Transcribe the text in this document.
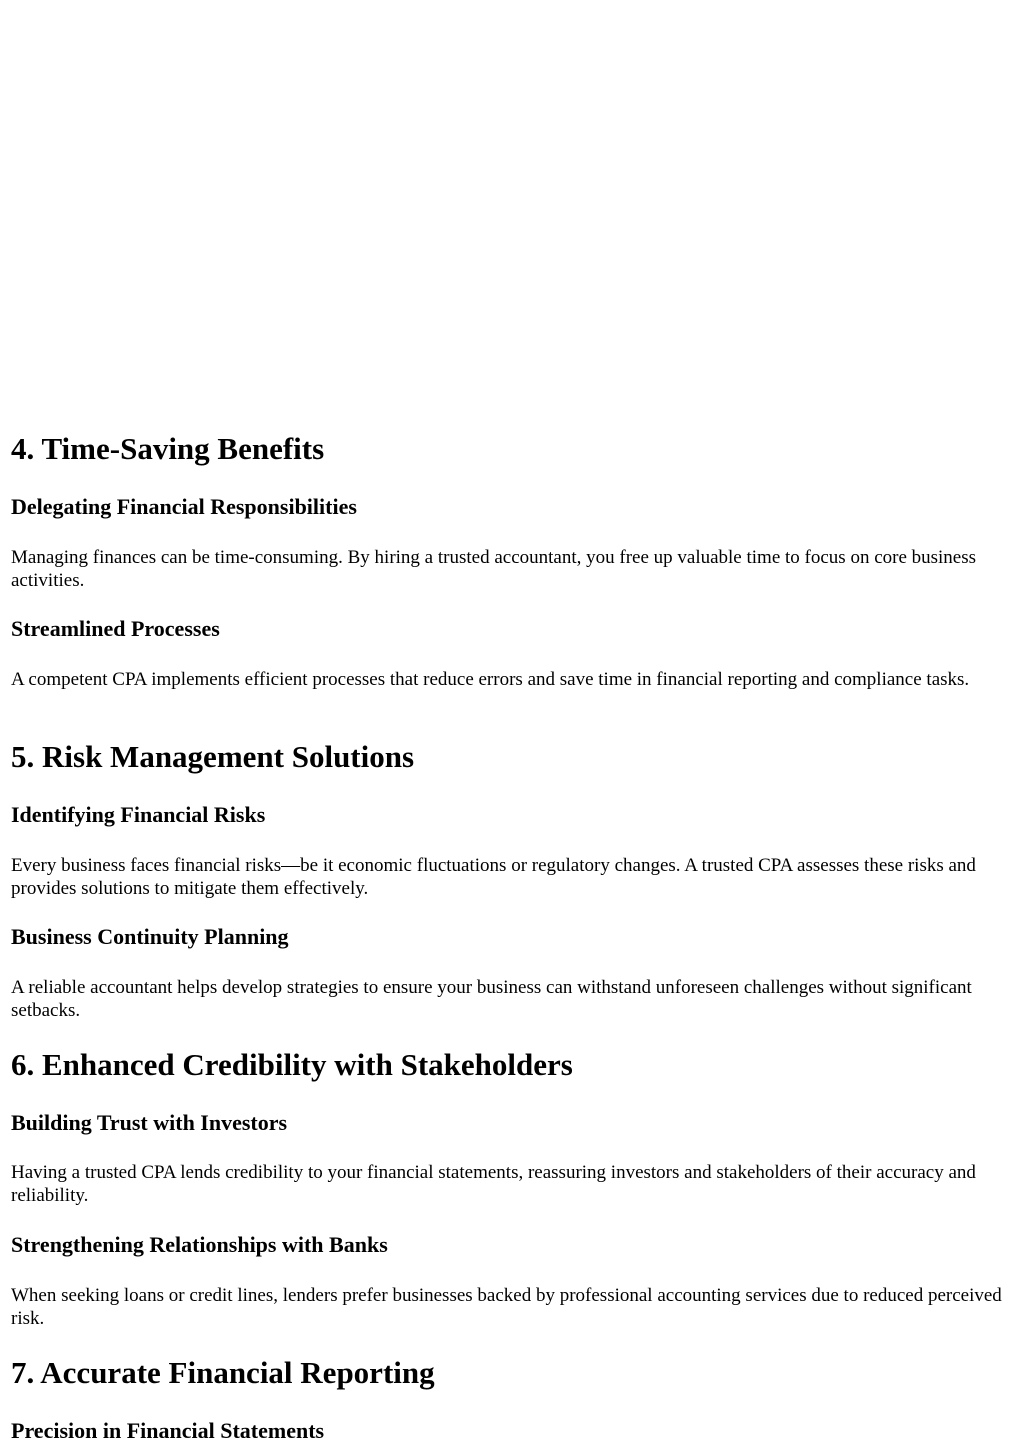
4. Time-Saving Benefits
Delegating Financial Responsibilities

Managing finances can be time-consuming. By hiring a trusted accountant, you free up valuable time to focus on core business activities.

Streamlined Processes

A competent CPA implements efficient processes that reduce errors and save time in financial reporting and compliance tasks.

5. Risk Management Solutions
Identifying Financial Risks

Every business faces financial risks—be it economic fluctuations or regulatory changes. A trusted CPA assesses these risks and provides solutions to mitigate them effectively.

Business Continuity Planning

A reliable accountant helps develop strategies to ensure your business can withstand unforeseen challenges without significant setbacks.

6. Enhanced Credibility with Stakeholders
Building Trust with Investors

Having a trusted CPA lends credibility to your financial statements, reassuring investors and stakeholders of their accuracy and reliability.

Strengthening Relationships with Banks

When seeking loans or credit lines, lenders prefer businesses backed by professional accounting services due to reduced perceived risk.

7. Accurate Financial Reporting
Precision in Financial Statements
